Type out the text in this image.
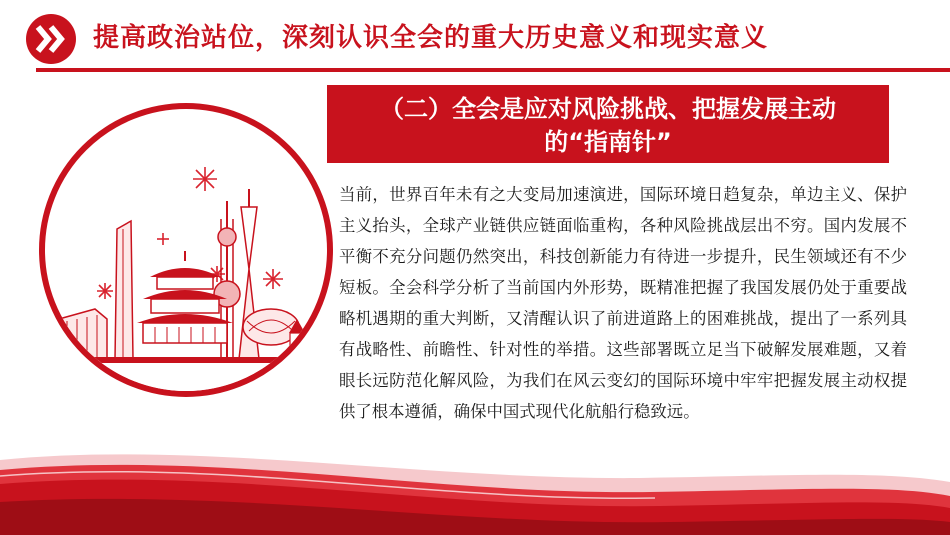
提高政治站位，深刻认识全会的重大历史意义和现实意义
（二）全会是应对风险挑战、把握发展主动
的“指南针”
当前，世界百年未有之大变局加速演进，国际环境日趋复杂，单边主义、保护主义抬头，全球产业链供应链面临重构，各种风险挑战层出不穷。国内发展不平衡不充分问题仍然突出，科技创新能力有待进一步提升，民生领域还有不少短板。全会科学分析了当前国内外形势，既精准把握了我国发展仍处于重要战略机遇期的重大判断，又清醒认识了前进道路上的困难挑战，提出了一系列具有战略性、前瞻性、针对性的举措。这些部署既立足当下破解发展难题，又着眼长远防范化解风险，为我们在风云变幻的国际环境中牢牢把握发展主动权提供了根本遵循，确保中国式现代化航船行稳致远。
